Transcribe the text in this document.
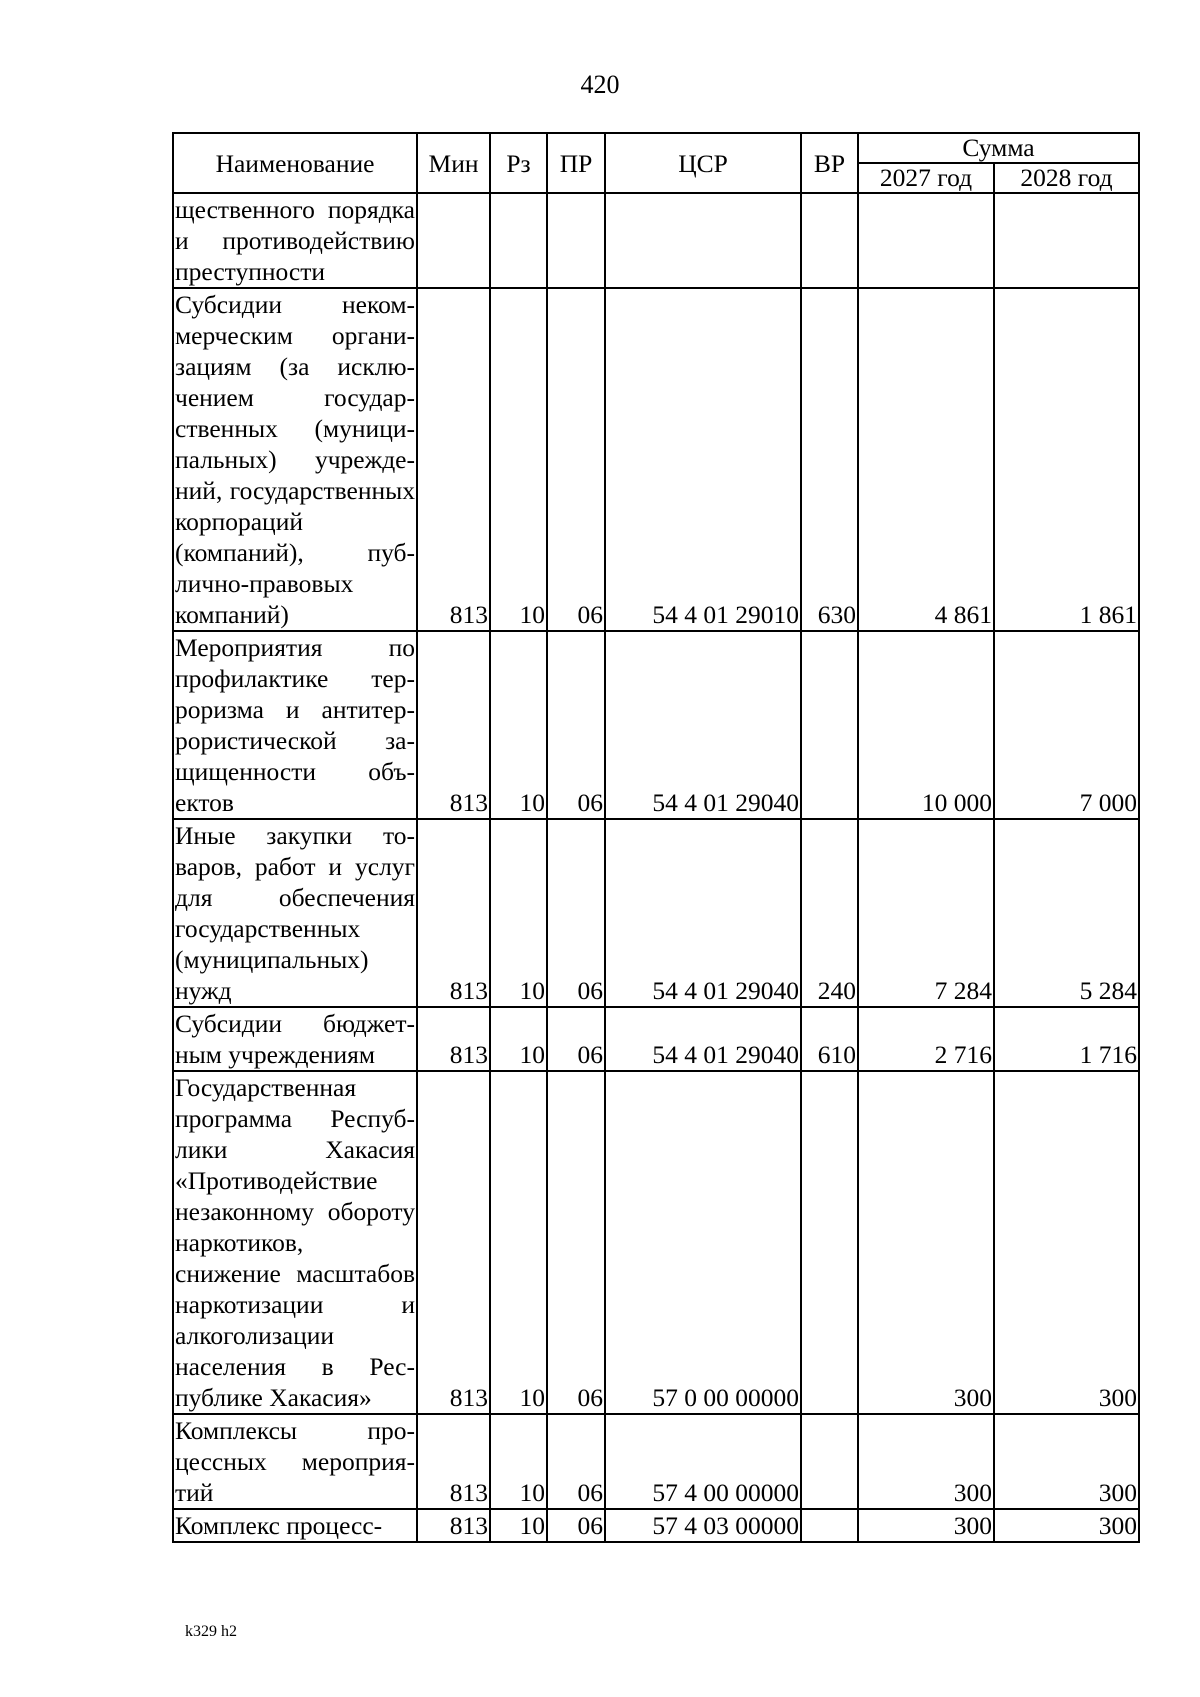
420
Наименование	Мин	Рз	ПР	ЦСР	ВР	Сумма	
						2027 год	2028 год
щественного порядка и противодействию преступности							
Субсидии некоммерческим организациям (за исключением государственных (муниципальных) учреждений, государственных корпораций (компаний), публично-правовых компаний)	813	10	06	54 4 01 29010	630	4 861	1 861
Мероприятия по профилактике терроризма и антитеррористической защищенности объектов	813	10	06	54 4 01 29040		10 000	7 000
Иные закупки товаров, работ и услуг для обеспечения государственных (муниципальных) нужд	813	10	06	54 4 01 29040	240	7 284	5 284
Субсидии бюджетным учреждениям	813	10	06	54 4 01 29040	610	2 716	1 716
Государственная программа Республики Хакасия «Противодействие незаконному обороту наркотиков, снижение масштабов наркотизации и алкоголизации населения в Республике Хакасия»	813	10	06	57 0 00 00000		300	300
Комплексы процессных мероприятий	813	10	06	57 4 00 00000		300	300
Комплекс процесс-	813	10	06	57 4 03 00000		300	300
k329 h2
